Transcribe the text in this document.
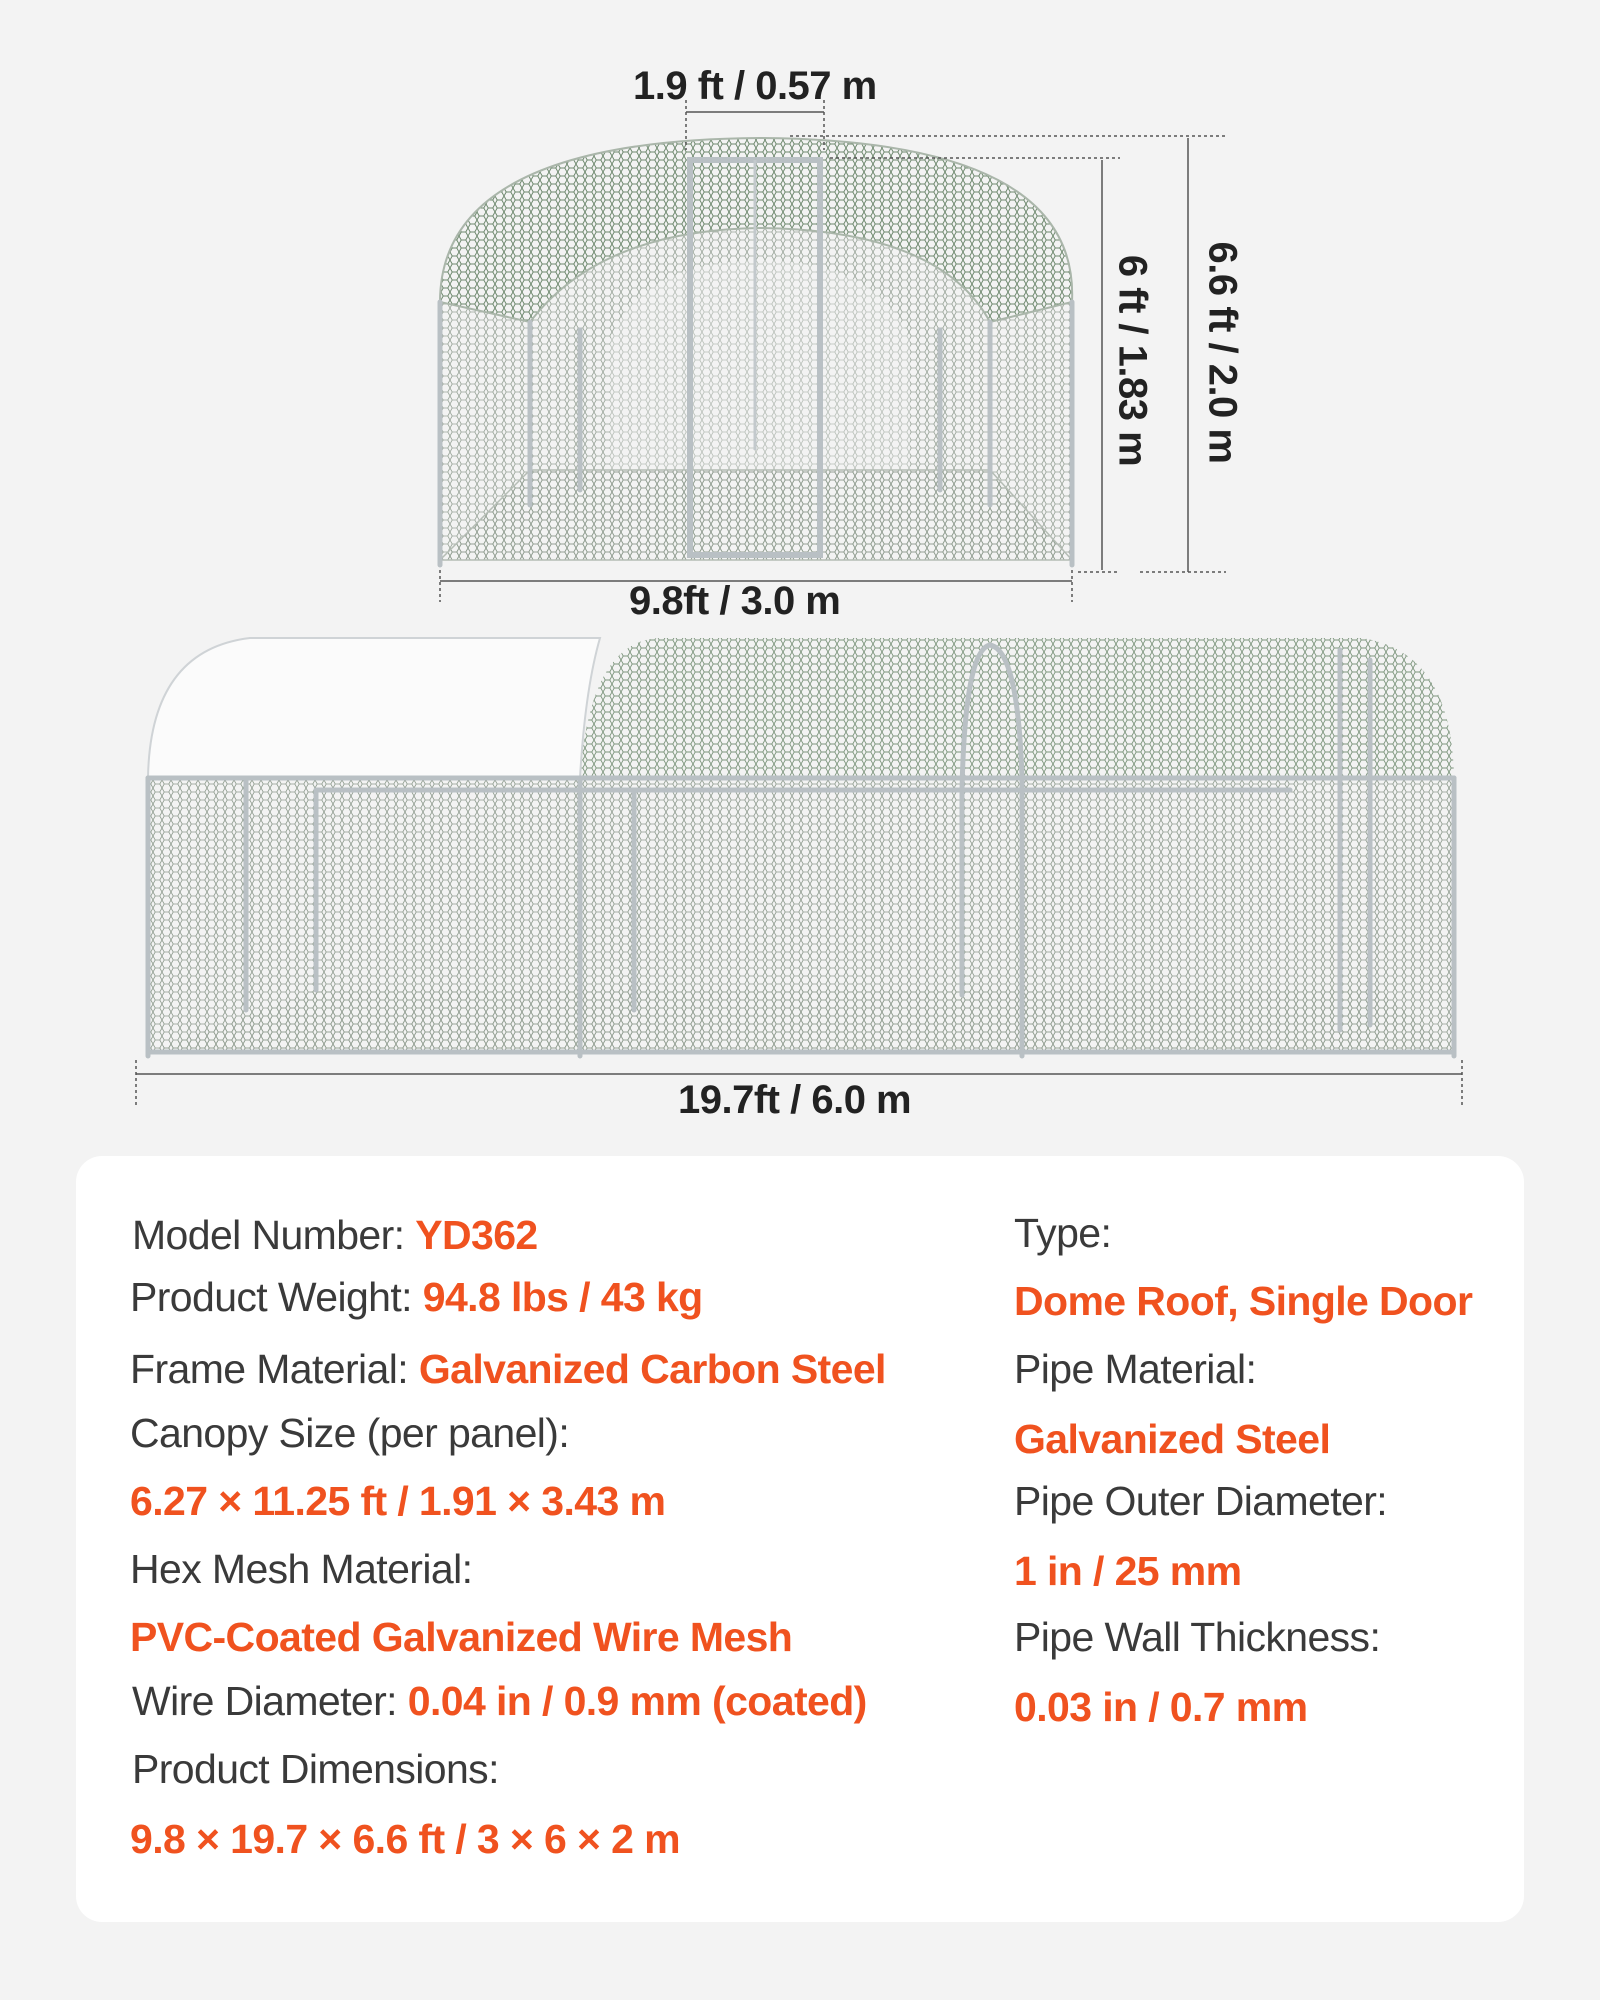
1.9 ft / 0.57 m
9.8ft / 3.0 m
19.7ft / 6.0 m
6 ft / 1.83 m 6.6 ft / 2.0 m
Model Number: YD362
Product Weight: 94.8 lbs / 43 kg
Frame Material: Galvanized Carbon Steel
Canopy Size (per panel):
6.27 × 11.25 ft / 1.91 × 3.43 m
Hex Mesh Material:
PVC-Coated Galvanized Wire Mesh
Wire Diameter: 0.04 in / 0.9 mm (coated)
Product Dimensions:
9.8 × 19.7 × 6.6 ft / 3 × 6 × 2 m
Type:
Dome Roof, Single Door
Pipe Material:
Galvanized Steel
Pipe Outer Diameter:
1 in / 25 mm
Pipe Wall Thickness:
0.03 in / 0.7 mm
